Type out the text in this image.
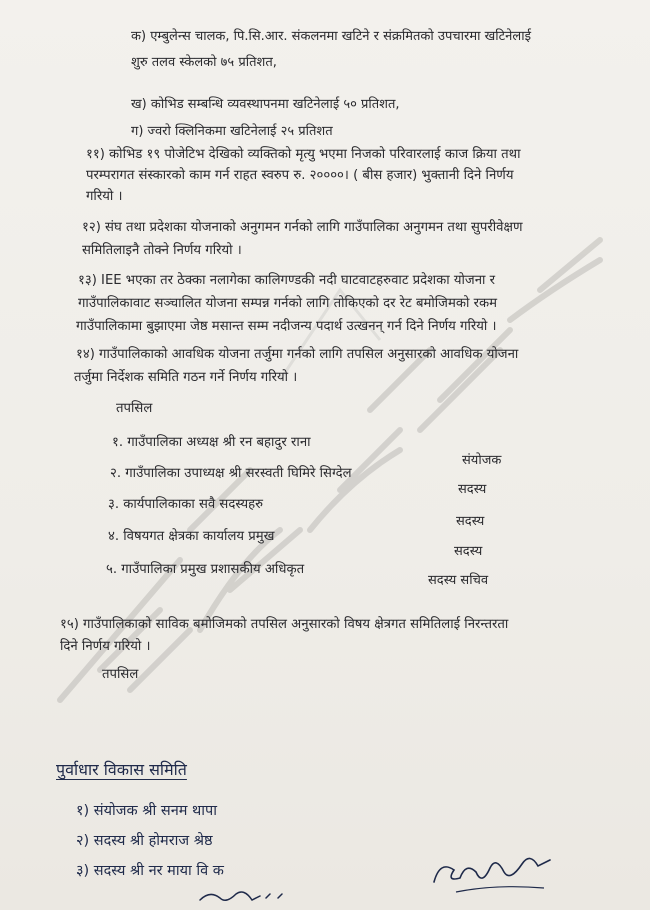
क) एम्बुलेन्स चालक, पि.सि.आर. संकलनमा खटिने र संक्रमितको उपचारमा खटिनेलाई
शुरु तलव स्केलको ७५ प्रतिशत,
ख) कोभिड सम्बन्धि व्यवस्थापनमा खटिनेलाई ५० प्रतिशत,
ग) ज्वरो क्लिनिकमा खटिनेलाई २५ प्रतिशत
११) कोभिड १९ पोजेटिभ देखिको व्यक्तिको मृत्यु भएमा निजको परिवारलाई काज क्रिया तथा
परम्परागत संस्कारको काम गर्न राहत स्वरुप रु. २००००। ( बीस हजार) भुक्तानी दिने निर्णय
गरियो ।
१२) संघ तथा प्रदेशका योजनाको अनुगमन गर्नको लागि गाउँपालिका अनुगमन तथा सुपरीवेक्षण
समितिलाइनै तोक्ने निर्णय गरियो ।
१३) IEE भएका तर ठेक्का नलागेका कालिगण्डकी नदी घाटवाटहरुवाट प्रदेशका योजना र
गाउँपालिकावाट सञ्चालित योजना सम्पन्न गर्नको लागि तोकिएको दर रेट बमोजिमको रकम
गाउँपालिकामा बुझाएमा जेष्ठ मसान्त सम्म नदीजन्य पदार्थ उत्खनन् गर्न दिने निर्णय गरियो ।
१४) गाउँपालिकाको आवधिक योजना तर्जुमा गर्नको लागि तपसिल अनुसारको आवधिक योजना
तर्जुमा निर्देशक समिति गठन गर्ने निर्णय गरियो ।
तपसिल
१. गाउँपालिका अध्यक्ष श्री रन बहादुर राना
संयोजक
२. गाउँपालिका उपाध्यक्ष श्री सरस्वती घिमिरे सिग्देल
सदस्य
३. कार्यपालिकाका सवै सदस्यहरु
सदस्य
४. विषयगत क्षेत्रका कार्यालय प्रमुख
सदस्य
५. गाउँपालिका प्रमुख प्रशासकीय अधिकृत
सदस्य सचिव
१५) गाउँपालिकाको साविक बमोजिमको तपसिल अनुसारको विषय क्षेत्रगत समितिलाई निरन्तरता
दिने निर्णय गरियो ।
तपसिल
पुर्वाधार विकास समिति
१) संयोजक श्री सनम थापा
२) सदस्य श्री होमराज श्रेष्ठ
३) सदस्य श्री नर माया वि क
